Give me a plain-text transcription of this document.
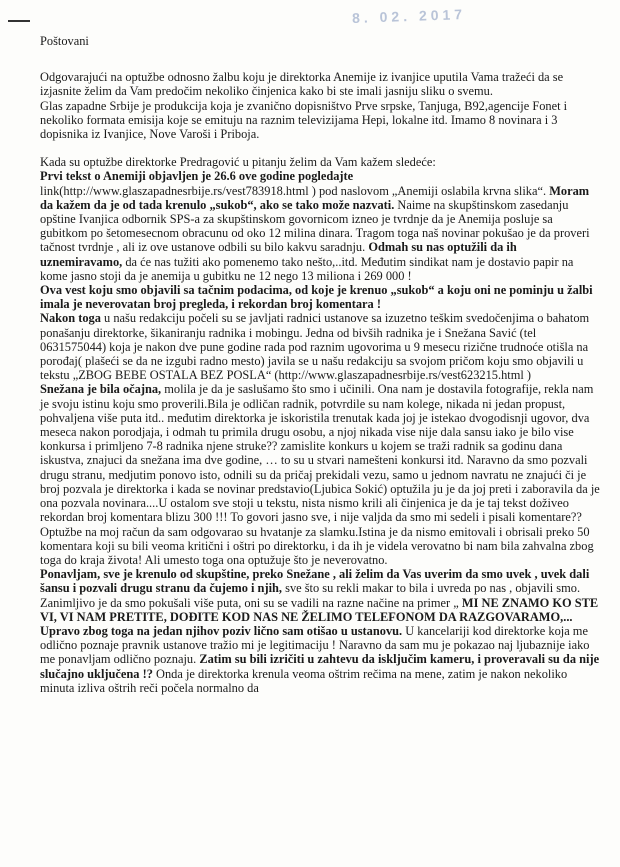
8. 02. 2017

Poštovani

Odgovarajući na optužbe odnosno žalbu koju je direktorka Anemije iz ivanjice uputila Vama tražeći da se izjasnite želim da Vam predočim nekoliko činjenica kako bi ste imali jasniju sliku o svemu.

Glas zapadne Srbije je produkcija koja je zvanično dopisništvo Prve srpske, Tanjuga, B92,agencije Fonet i nekoliko formata emisija koje se emituju na raznim televizijama Hepi, lokalne itd. Imamo 8 novinara i 3 dopisnika iz Ivanjice, Nove Varoši i Priboja.

Kada su optužbe direktorke Predragović u pitanju želim da Vam kažem sledeće:

Prvi tekst o Anemiji objavljen je 26.6 ove godine pogledajte link(http://www.glaszapadnesrbije.rs/vest783918.html ) pod naslovom „Anemiji oslabila krvna slika“. Moram da kažem da je od tada krenulo „sukob“, ako se tako može nazvati. Naime na skupštinskom zasedanju opštine Ivanjica odbornik SPS-a za skupštinskom govornicom izneo je tvrdnje da je Anemija posluje sa gubitkom po šetomesecnom obracunu od oko 12 milina dinara. Tragom toga naš novinar pokušao je da proveri tačnost tvrdnje , ali iz ove ustanove odbili su bilo kakvu saradnju. Odmah su nas optužili da ih uznemiravamo, da će nas tužiti ako pomenemo tako nešto,..itd. Međutim sindikat nam je dostavio papir na kome jasno stoji da je anemija u gubitku ne 12 nego 13 miliona i 269 000 !

Ova vest koju smo objavili sa tačnim podacima, od koje je krenuo „sukob“ a koju oni ne pominju u žalbi imala je neverovatan broj pregleda, i rekordan broj komentara !

Nakon toga u našu redakciju počeli su se javljati radnici ustanove sa izuzetno teškim svedočenjima o bahatom ponašanju direktorke, šikaniranju radnika i mobingu. Jedna od bivših radnika je i Snežana Savić (tel 0631575044) koja je nakon dve pune godine rada pod raznim ugovorima u 9 mesecu rizične trudnoće otišla na porođaj( plašeći se da ne izgubi radno mesto) javila se u našu redakciju sa svojom pričom koju smo objavili u tekstu „ZBOG BEBE OSTALA BEZ POSLA“ (http://www.glaszapadnesrbije.rs/vest623215.html )

Snežana je bila očajna, molila je da je saslušamo što smo i učinili. Ona nam je dostavila fotografije, rekla nam je svoju istinu koju smo proverili.Bila je odličan radnik, potvrdile su nam kolege, nikada ni jedan propust, pohvaljena više puta itd.. međutim direktorka je iskoristila trenutak kada joj je istekao dvogodisnji ugovor, dva meseca nakon porodjaja, i odmah tu primila drugu osobu, a njoj nikada vise nije dala sansu iako je bilo vise konkursa i primljeno 7-8 radnika njene struke?? zamislite konkurs u kojem se traži radnik sa godinu dana iskustva, znajuci da snežana ima dve godine, … to su u stvari namešteni konkursi itd. Naravno da smo pozvali drugu stranu, medjutim ponovo isto, odnili su da pričaj prekidali vezu, samo u jednom navratu ne znajući či je broj pozvala je direktorka i kada se novinar predstavio(Ljubica Sokić) optužila ju je da joj preti i zaboravila da je ona pozvala novinara....U ostalom sve stoji u tekstu, nista nismo krili ali činjenica je da je taj tekst doživeo rekordan broj komentara blizu 300 !!! To govori jasno sve, i nije valjda da smo mi sedeli i pisali komentare?? Optužbe na moj račun da sam odgovarao su hvatanje za slamku.Istina je da nismo emitovali i obrisali preko 50 komentara koji su bili veoma kritični i oštri po direktorku, i da ih je videla verovatno bi nam bila zahvalna zbog toga do kraja života! Ali umesto toga ona optužuje što je neverovatno.

Ponavljam, sve je krenulo od skupštine, preko Snežane , ali želim da Vas uverim da smo uvek , uvek dali šansu i pozvali drugu stranu da čujemo i njih, sve što su rekli makar to bila i uvreda po nas , objavili smo. Zanimljivo je da smo pokušali više puta, oni su se vadili na razne načine na primer „ MI NE ZNAMO KO STE VI, VI NAM PRETITE, DOĐITE KOD NAS NE ŽELIMO TELEFONOM DA RAZGOVARAMO,...

Upravo zbog toga na jedan njihov poziv lično sam otišao u ustanovu. U kancelariji kod direktorke koja me odlično poznaje pravnik ustanove tražio mi je legitimaciju ! Naravno da sam mu je pokazao naj ljubaznije iako me ponavljam odlično poznaju. Zatim su bili izričiti u zahtevu da isključim kameru, i proveravali su da nije slučajno uključena !? Onda je direktorka krenula veoma oštrim rečima na mene, zatim je nakon nekoliko minuta izliva oštrih reči počela normalno da
